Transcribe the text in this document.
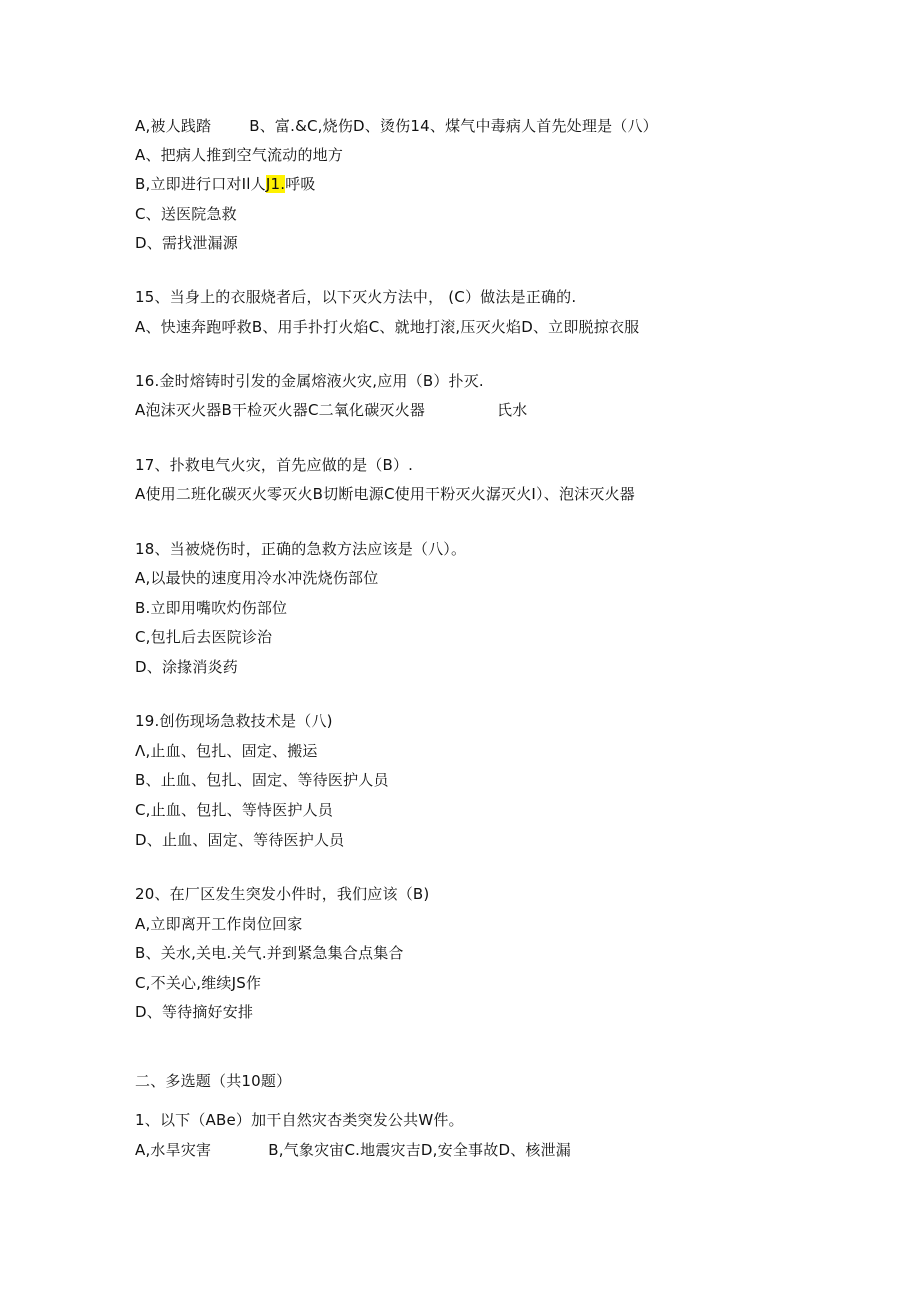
A,被人践踏	B、富.&C,烧伤D、烫伤14、煤气中毒病人首先处理是（八）
A、把病人推到空气流动的地方
B,立即进行口对Il人J1.呼吸
C、送医院急救
D、需找泄漏源
15、当身上的衣服烧者后，以下灭火方法中， (C）做法是正确的.
A、快速奔跑呼救B、用手扑打火焰C、就地打滚,压灭火焰D、立即脱掠衣服
16.金时熔铸时引发的金属熔液火灾,应用（B）扑灭.
A泡沫灭火器B干检灭火器C二氧化碳灭火器	氏水
17、扑救电气火灾，首先应做的是（B）.
A使用二班化碳灭火零灭火B切断电源C使用干粉灭火潺灭火I）、泡沫灭火器
18、当被烧伤时，正确的急救方法应该是（八）。
A,以最快的速度用冷水冲洗烧伤部位
B.立即用嘴吹灼伤部位
C,包扎后去医院诊治
D、涂掾消炎药
19.创伤现场急救技术是（八)
Λ,止血、包扎、固定、搬运
B、止血、包扎、固定、等待医护人员
C,止血、包扎、等恃医护人员
D、止血、固定、等待医护人员
20、在厂区发生突发小件时，我们应该（B)
A,立即离开工作岗位回家
B、关水,关电.关气.并到紧急集合点集合
C,不关心,维续JS作
D、等待摘好安排
二、多选题（共10题）
1、以下（ABe）加干自然灾杏类突发公共W件。
A,水旱灾害	B,气象灾宙C.地震灾吉D,安全事故D、核泄漏
